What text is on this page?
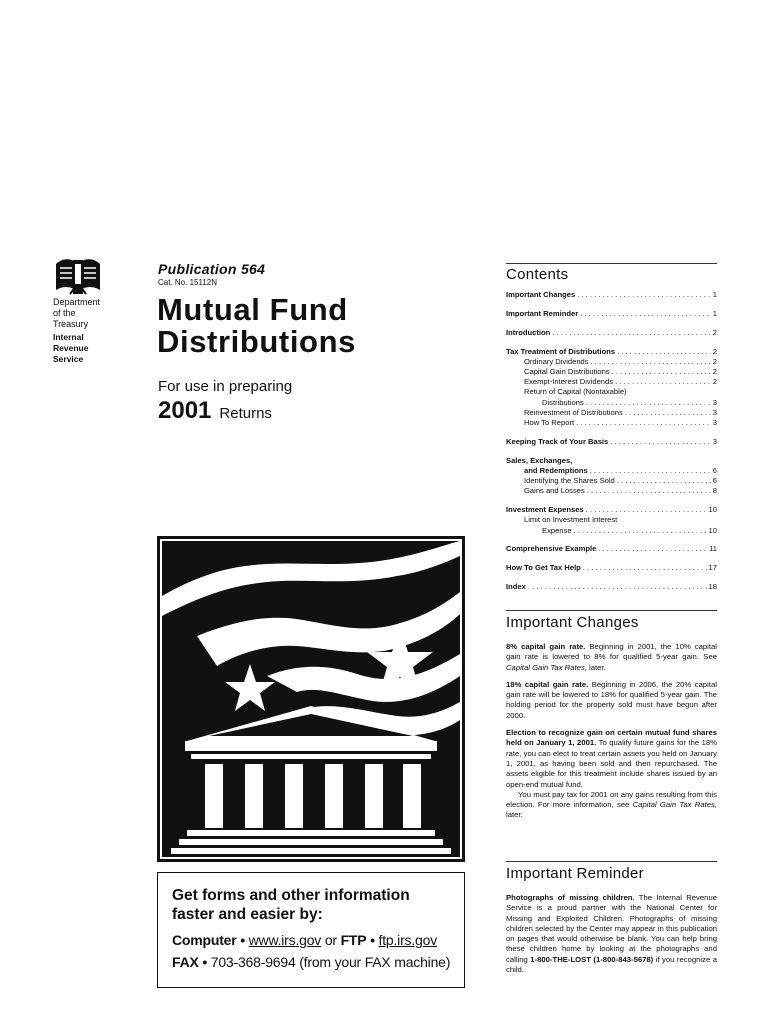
Department
of the
Treasury
Internal
Revenue
Service
Publication 564
Cat. No. 15112N
Mutual Fund
Distributions
For use in preparing
2001 Returns
Get forms and other information
faster and easier by:
Computer • www.irs.gov or FTP • ftp.irs.gov
FAX • 703-368-9694 (from your FAX machine)
Contents
Important Changes . . .	1
Important Reminder . . .	1
Introduction . . .	2
Tax Treatment of Distributions . . .	2
Ordinary Dividends . . .	2
Capital Gain Distributions . . .	2
Exempt-Interest Dividends . . .	2
Return of Capital (Nontaxable)
Distributions . . .	3
Reinvestment of Distributions . . .	3
How To Report . . .	3
Keeping Track of Your Basis . . .	3
Sales, Exchanges,
and Redemptions . . .	6
Identifying the Shares Sold . . .	6
Gains and Losses . . .	8
Investment Expenses . . .	10
Limit on Investment Interest
Expense . . .	10
Comprehensive Example . . .	11
How To Get Tax Help . . .	17
Index . . .	18
Important Changes
8% capital gain rate. Beginning in 2001, the 10% capital gain rate is lowered to 8% for qualified 5-year gain. See Capital Gain Tax Rates, later.
18% capital gain rate. Beginning in 2006, the 20% capital gain rate will be lowered to 18% for qualified 5-year gain. The holding period for the property sold must have begun after 2000.
Election to recognize gain on certain mutual fund shares held on January 1, 2001. To qualify future gains for the 18% rate, you can elect to treat certain assets you held on January 1, 2001, as having been sold and then repurchased. The assets eligible for this treatment include shares issued by an open-end mutual fund.
You must pay tax for 2001 on any gains resulting from this election. For more information, see Capital Gain Tax Rates, later.
Important Reminder
Photographs of missing children. The Internal Revenue Service is a proud partner with the National Center for Missing and Exploited Children. Photographs of missing children selected by the Center may appear in this publication on pages that would otherwise be blank. You can help bring these children home by looking at the photographs and calling 1-800-THE-LOST (1-800-843-5678) if you recognize a child.
